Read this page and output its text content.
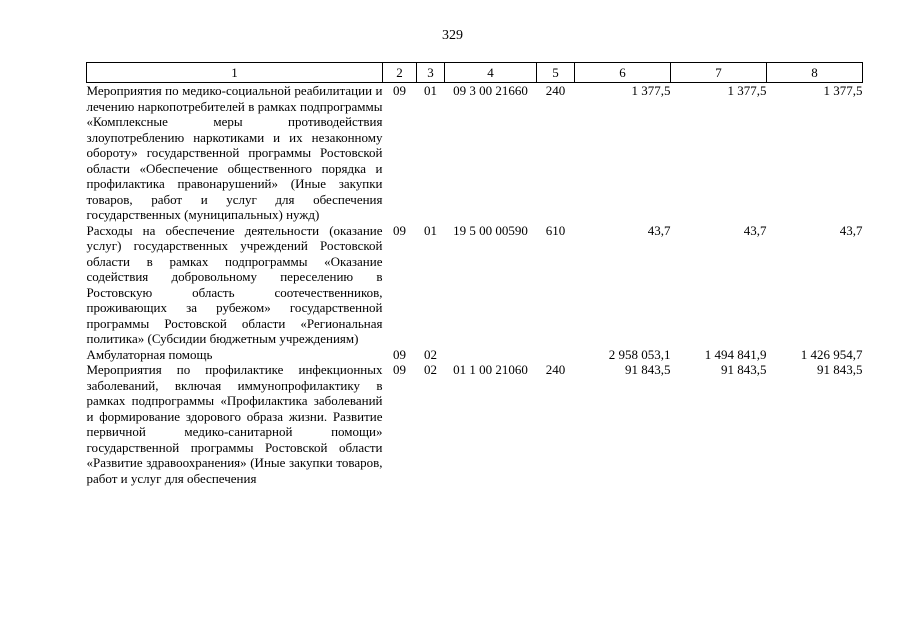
329
1	2	3	4	5	6	7	8
Мероприятия по медико-социальной реабилитации и лечению наркопотребителей в рамках подпрограммы «Комплексные меры противодействия злоупотреблению наркотиками и их незаконному обороту» государственной программы Ростовской области «Обеспечение общественного порядка и профилактика правонарушений» (Иные закупки товаров, работ и услуг для обеспечения государственных (муниципальных) нужд)	09	01	09 3 00 21660	240	1 377,5	1 377,5	1 377,5
Расходы на обеспечение деятельности (оказание услуг) государственных учреждений Ростовской области в рамках подпрограммы «Оказание содействия добровольному переселению в Ростовскую область соотечественников, проживающих за рубежом» государственной программы Ростовской области «Региональная политика» (Субсидии бюджетным учреждениям)	09	01	19 5 00 00590	610	43,7	43,7	43,7
Амбулаторная помощь	09	02			2 958 053,1	1 494 841,9	1 426 954,7
Мероприятия по профилактике инфекционных заболеваний, включая иммунопрофилактику в рамках подпрограммы «Профилактика заболеваний и формирование здорового образа жизни. Развитие первичной медико-санитарной помощи» государственной программы Ростовской области «Развитие здравоохранения» (Иные закупки товаров, работ и услуг для обеспечения	09	02	01 1 00 21060	240	91 843,5	91 843,5	91 843,5
